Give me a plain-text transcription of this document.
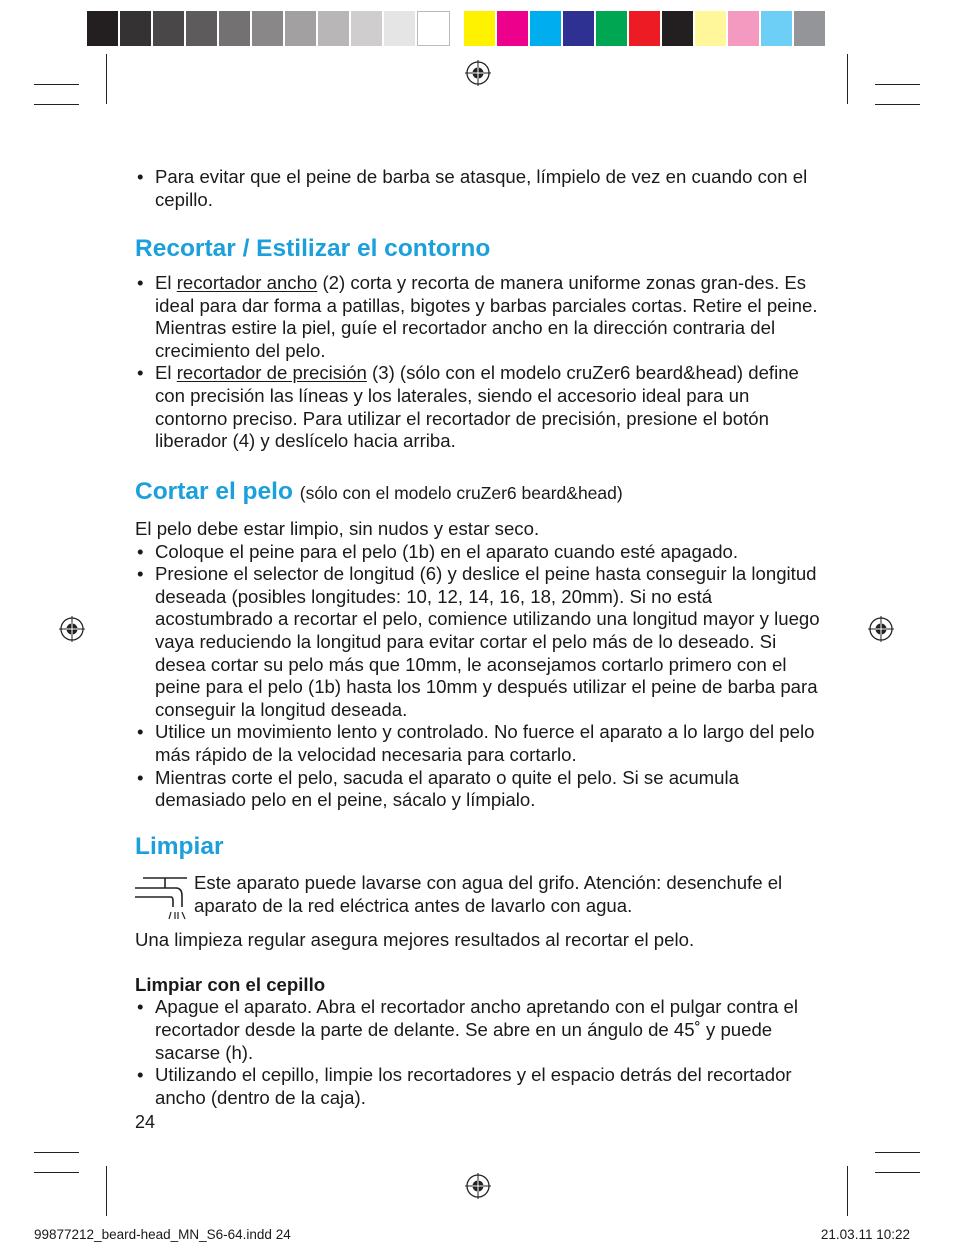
• Para evitar que el peine de barba se atasque, límpielo de vez en cuando con el cepillo.

Recortar / Estilizar el contorno

• El recortador ancho (2) corta y recorta de manera uniforme zonas gran-des. Es ideal para dar forma a patillas, bigotes y barbas parciales cortas. Retire el peine. Mientras estire la piel, guíe el recortador ancho en la dirección contraria del crecimiento del pelo.

• El recortador de precisión (3) (sólo con el modelo cruZer6 beard&head) define con precisión las líneas y los laterales, siendo el accesorio ideal para un contorno preciso. Para utilizar el recortador de precisión, presione el botón liberador (4) y deslícelo hacia arriba.

Cortar el pelo (sólo con el modelo cruZer6 beard&head)

El pelo debe estar limpio, sin nudos y estar seco.

• Coloque el peine para el pelo (1b) en el aparato cuando esté apagado.

• Presione el selector de longitud (6) y deslice el peine hasta conseguir la longitud deseada (posibles longitudes: 10, 12, 14, 16, 18, 20mm). Si no está acostumbrado a recortar el pelo, comience utilizando una longitud mayor y luego vaya reduciendo la longitud para evitar cortar el pelo más de lo deseado. Si desea cortar su pelo más que 10mm, le aconsejamos cortarlo primero con el peine para el pelo (1b) hasta los 10mm y después utilizar el peine de barba para conseguir la longitud deseada.

• Utilice un movimiento lento y controlado. No fuerce el aparato a lo largo del pelo más rápido de la velocidad necesaria para cortarlo.

• Mientras corte el pelo, sacuda el aparato o quite el pelo. Si se acumula demasiado pelo en el peine, sácalo y límpialo.

Limpiar

Este aparato puede lavarse con agua del grifo. Atención: desenchufe el aparato de la red eléctrica antes de lavarlo con agua.

Una limpieza regular asegura mejores resultados al recortar el pelo.

Limpiar con el cepillo

• Apague el aparato. Abra el recortador ancho apretando con el pulgar contra el recortador desde la parte de delante. Se abre en un ángulo de 45˚ y puede sacarse (h).

• Utilizando el cepillo, limpie los recortadores y el espacio detrás del recortador ancho (dentro de la caja).

24
99877212_beard-head_MN_S6-64.indd 24	21.03.11 10:22
